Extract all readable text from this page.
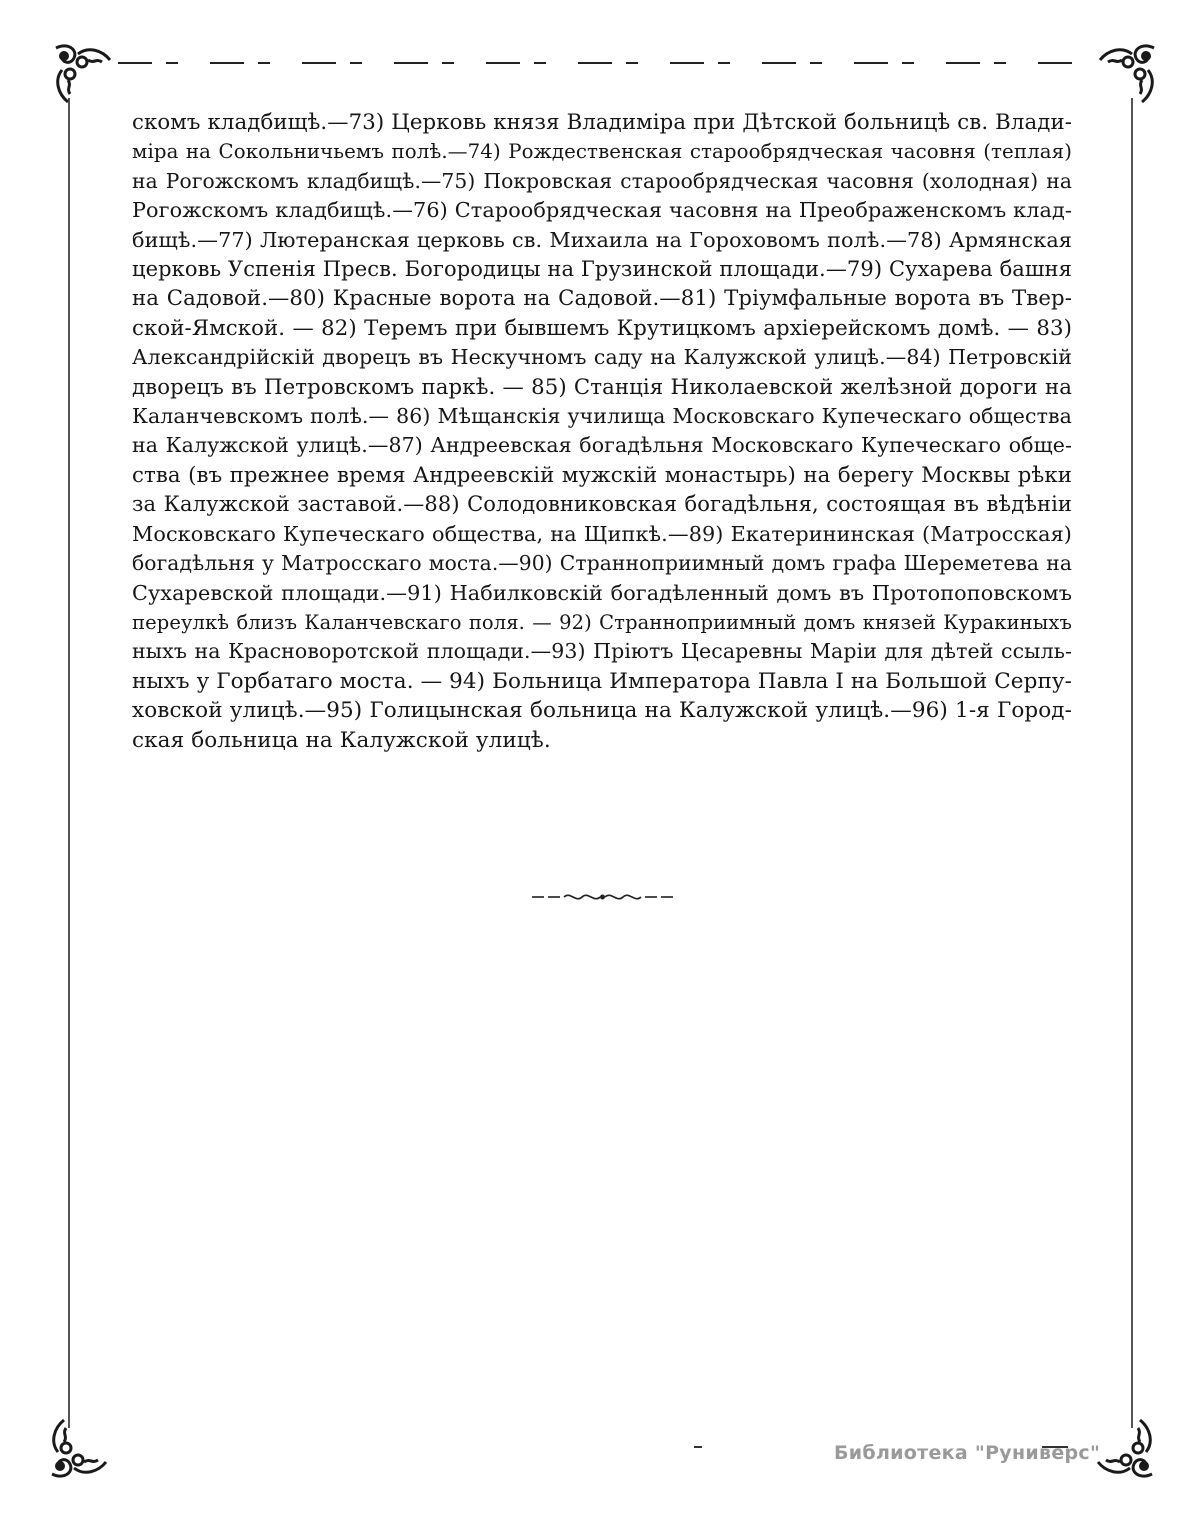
скомъ кладбищѣ.—73) Церковь князя Владиміра при Дѣтской больницѣ св. Влади-
міра на Сокольничьемъ полѣ.—74) Рождественская старообрядческая часовня (теплая)
на Рогожскомъ кладбищѣ.—75) Покровская старообрядческая часовня (холодная) на
Рогожскомъ кладбищѣ.—76) Старообрядческая часовня на Преображенскомъ клад-
бищѣ.—77) Лютеранская церковь св. Михаила на Гороховомъ полѣ.—78) Армянская
церковь Успенія Пресв. Богородицы на Грузинской площади.—79) Сухарева башня
на Садовой.—80) Красные ворота на Садовой.—81) Тріумфальные ворота въ Твер-
ской-Ямской. — 82) Теремъ при бывшемъ Крутицкомъ архіерейскомъ домѣ. — 83)
Александрійскій дворецъ въ Нескучномъ саду на Калужской улицѣ.—84) Петровскій
дворецъ въ Петровскомъ паркѣ. — 85) Станція Николаевской желѣзной дороги на
Каланчевскомъ полѣ.— 86) Мѣщанскія училища Московскаго Купеческаго общества
на Калужской улицѣ.—87) Андреевская богадѣльня Московскаго Купеческаго обще-
ства (въ прежнее время Андреевскій мужскій монастырь) на берегу Москвы рѣки
за Калужской заставой.—88) Солодовниковская богадѣльня, состоящая въ вѣдѣніи
Московскаго Купеческаго общества, на Щипкѣ.—89) Екатерининская (Матросская)
богадѣльня у Матросскаго моста.—90) Странноприимный домъ графа Шереметева на
Сухаревской площади.—91) Набилковскій богадѣленный домъ въ Протопоповскомъ
переулкѣ близъ Каланчевскаго поля. — 92) Странноприимный домъ князей Куракиныхъ
ныхъ на Красноворотской площади.—93) Пріютъ Цесаревны Маріи для дѣтей ссыль-
ныхъ у Горбатаго моста. — 94) Больница Императора Павла I на Большой Серпу-
ховской улицѣ.—95) Голицынская больница на Калужской улицѣ.—96) 1-я Город-
ская больница на Калужской улицѣ.
Библиотека "Руниверс"
